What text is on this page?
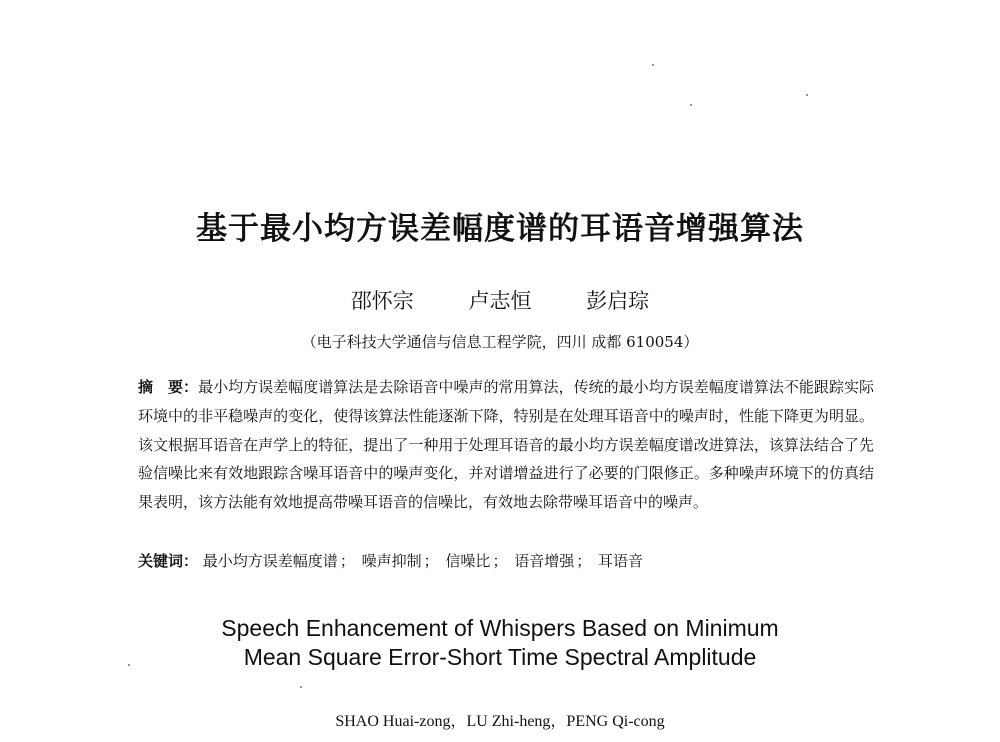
基于最小均方误差幅度谱的耳语音增强算法
邵怀宗	卢志恒	彭启琮
（电子科技大学通信与信息工程学院，四川 成都 610054）
摘　要：最小均方误差幅度谱算法是去除语音中噪声的常用算法，传统的最小均方误差幅度谱算法不能跟踪实际环境中的非平稳噪声的变化，使得该算法性能逐渐下降，特别是在处理耳语音中的噪声时，性能下降更为明显。该文根据耳语音在声学上的特征，提出了一种用于处理耳语音的最小均方误差幅度谱改进算法，该算法结合了先验信噪比来有效地跟踪含噪耳语音中的噪声变化，并对谱增益进行了必要的门限修正。多种噪声环境下的仿真结果表明，该方法能有效地提高带噪耳语音的信噪比，有效地去除带噪耳语音中的噪声。
关键词： 最小均方误差幅度谱 ； 噪声抑制 ； 信噪比 ； 语音增强 ； 耳语音
Speech Enhancement of Whispers Based on Minimum
Mean Square Error-Short Time Spectral Amplitude
SHAO Huai-zong，LU Zhi-heng，PENG Qi-cong
